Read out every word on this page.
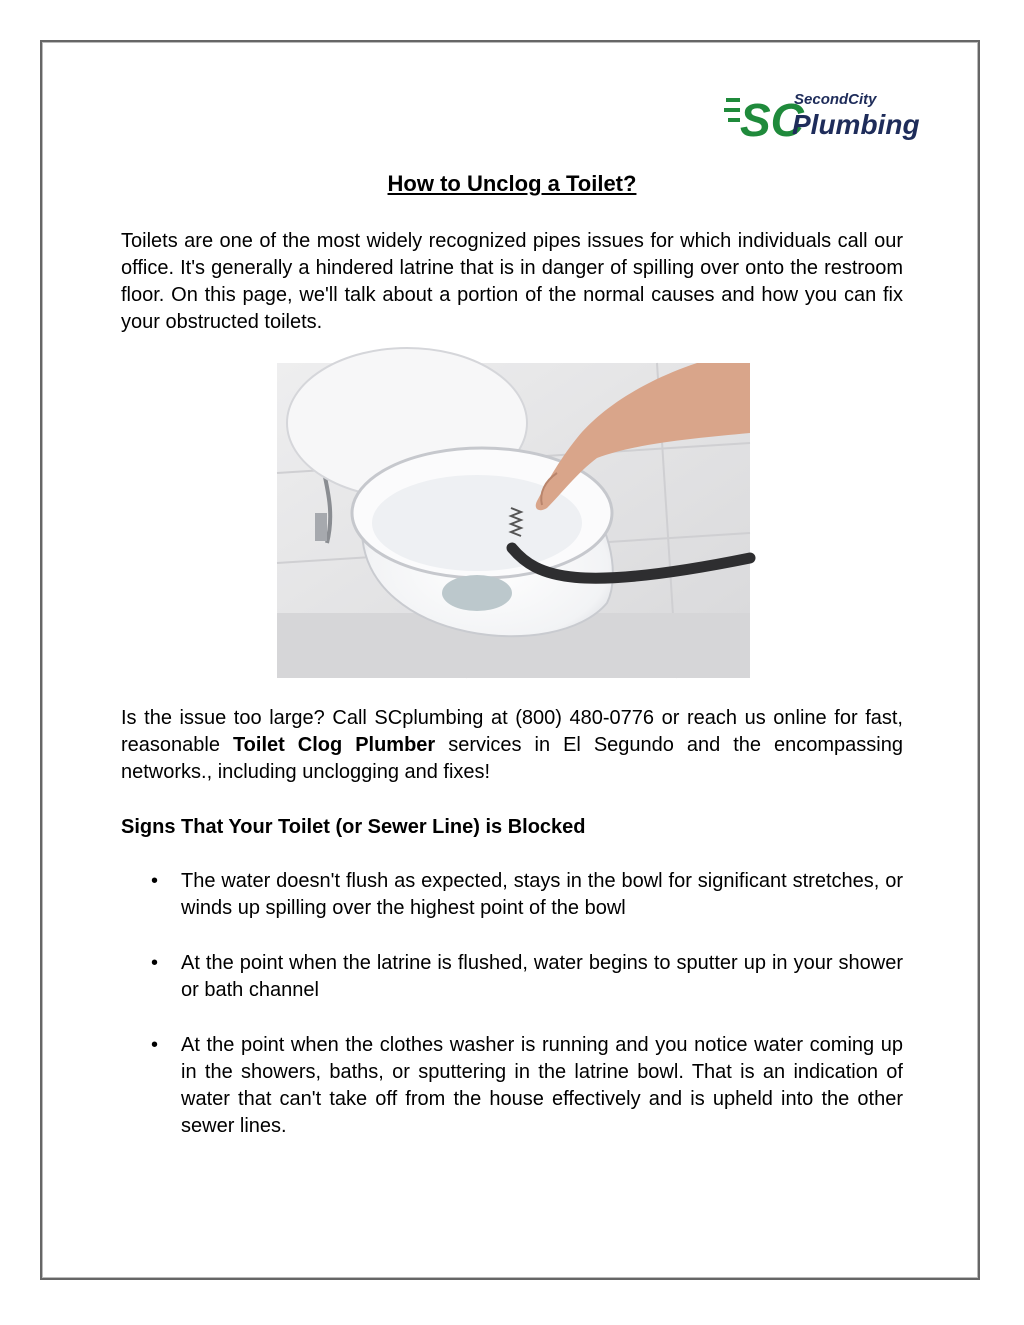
SC
SecondCity
Plumbing
How to Unclog a Toilet?

Toilets are one of the most widely recognized pipes issues for which individuals call our office. It's generally a hindered latrine that is in danger of spilling over onto the restroom floor. On this page, we'll talk about a portion of the normal causes and how you can fix your obstructed toilets.

Is the issue too large? Call SCplumbing at (800) 480-0776 or reach us online for fast, reasonable Toilet Clog Plumber services in El Segundo and the encompassing networks., including unclogging and fixes!

Signs That Your Toilet (or Sewer Line) is Blocked
• The water doesn't flush as expected, stays in the bowl for significant stretches, or winds up spilling over the highest point of the bowl
• At the point when the latrine is flushed, water begins to sputter up in your shower or bath channel
• At the point when the clothes washer is running and you notice water coming up in the showers, baths, or sputtering in the latrine bowl. That is an indication of water that can't take off from the house effectively and is upheld into the other sewer lines.
